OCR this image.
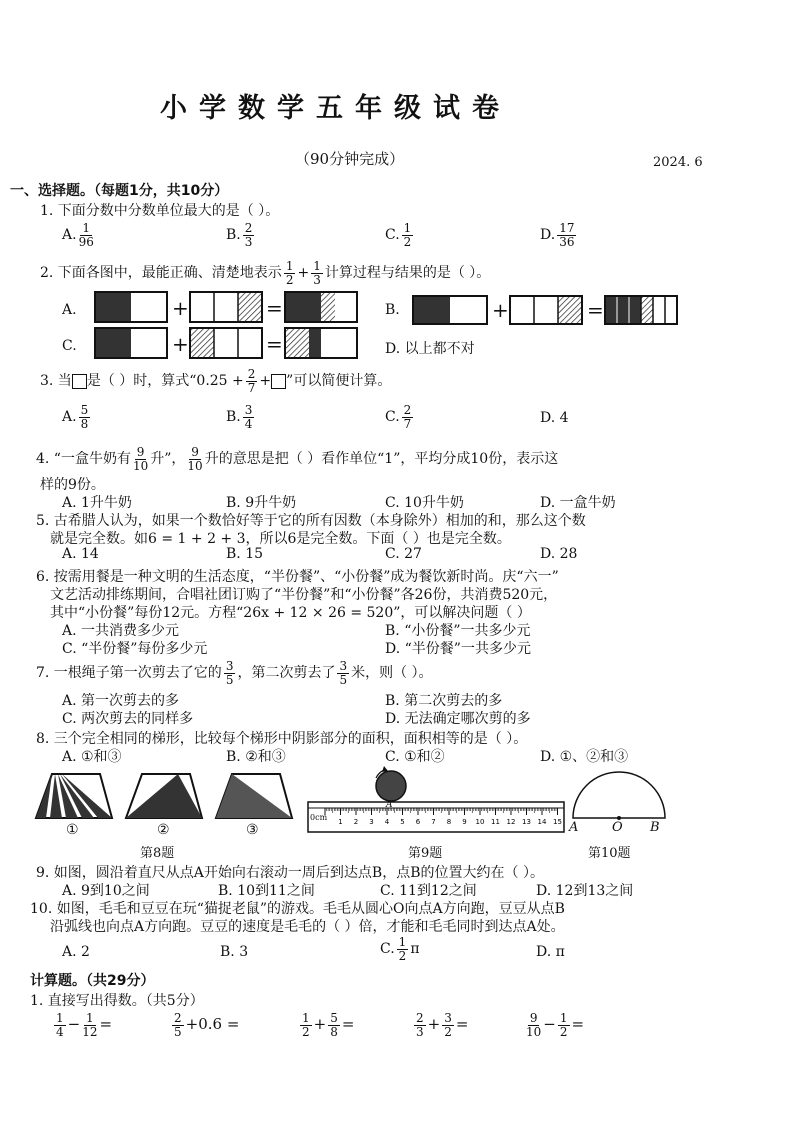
小学数学五年级试卷
（90分钟完成）	2024. 6
一、选择题。（每题1分，共10分）
1. 下面分数中分数单位最大的是（ ）。
A. $\frac{1}{96}$	B. $\frac{2}{3}$	C. $\frac{1}{2}$	D. $\frac{17}{36}$
2. 下面各图中，最能正确、清楚地表示 $\frac{1}{2} + \frac{1}{3}$ 计算过程与结果的是（ ）。
A.	B.
C.	D. 以上都不对
+	=	+	=
+	=
3. 当 是（ ）时，算式“$0.25 + \frac{2}{7}$ + ”可以简便计算。
A. $\frac{5}{8}$	B. $\frac{3}{4}$	C. $\frac{2}{7}$	D. 4
4. “一盒牛奶有 $\frac{9}{10}$ 升”， $\frac{9}{10}$ 升的意思是把（ ）看作单位“1”，平均分成10份，表示这
样的9份。
A. 1升牛奶	B. 9升牛奶	C. 10升牛奶	D. 一盒牛奶
5. 古希腊人认为，如果一个数恰好等于它的所有因数（本身除外）相加的和，那么这个数
就是完全数。如6 = 1 + 2 + 3，所以6是完全数。下面（ ）也是完全数。
A. 14	B. 15	C. 27	D. 28
6. 按需用餐是一种文明的生活态度，“半份餐”、“小份餐”成为餐饮新时尚。庆“六一”
文艺活动排练期间，合唱社团订购了“半份餐”和“小份餐”各26份，共消费520元，
其中“小份餐”每份12元。方程“26x + 12 × 26 = 520”，可以解决问题（ ）
A. 一共消费多少元	B. “小份餐”一共多少元
C. “半份餐”每份多少元	D. “半份餐”一共多少元
7. 一根绳子第一次剪去了它的 $\frac{3}{5}$ ，第二次剪去了 $\frac{3}{5}$ 米，则（ ）。
A. 第一次剪去的多	B. 第二次剪去的多
C. 两次剪去的同样多	D. 无法确定哪次剪的多
8. 三个完全相同的梯形，比较每个梯形中阴影部分的面积，面积相等的是（ ）。
A. ①和③	B. ②和③	C. ①和②	D. ①、②和③
1 2 3 4 5 6 7 8 9 10 11 12 13 14 15
①	②	③
第8题	第9题	第10题
0cm
A
A	O B
9. 如图，圆沿着直尺从点A开始向右滚动一周后到达点B，点B的位置大约在（ ）。
A. 9到10之间	B. 10到11之间	C. 11到12之间	D. 12到13之间
10. 如图，毛毛和豆豆在玩“猫捉老鼠”的游戏。毛毛从圆心O向点A方向跑，豆豆从点B
沿弧线也向点A方向跑。豆豆的速度是毛毛的（ ）倍，才能和毛毛同时到达点A处。
A. 2	B. 3	C. $\frac{1}{2}$ π	D. π
计算题。（共29分）
1. 直接写出得数。（共5分）
$\frac{1}{4} - \frac{1}{12}$ =	$\frac{2}{5} +0.6$ =	$\frac{1}{2} + \frac{5}{8}$ =	$\frac{2}{3} + \frac{3}{2}$ =	$\frac{9}{10} - \frac{1}{2}$ =
